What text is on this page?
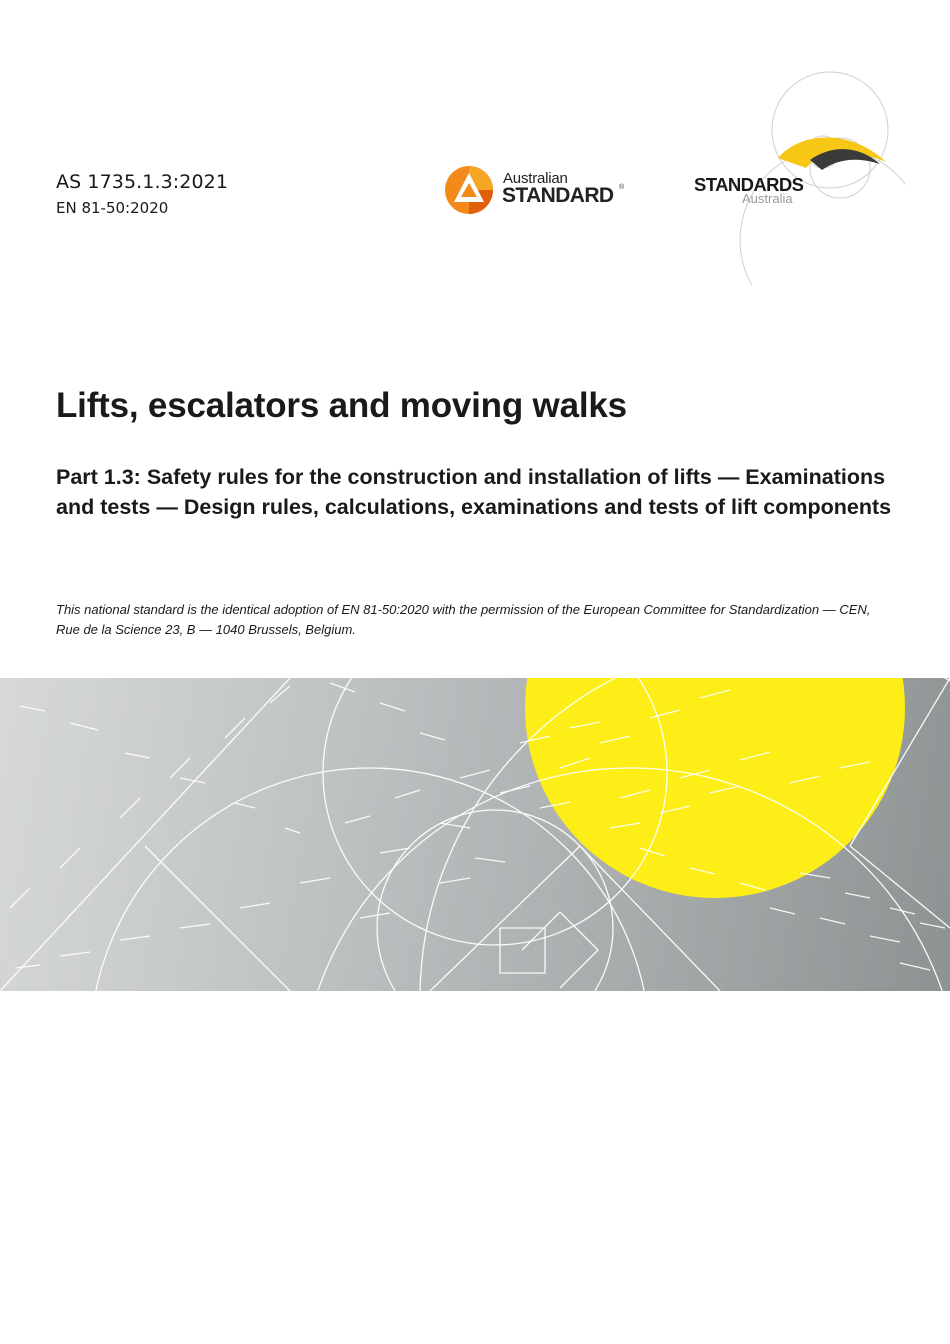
AS 1735.1.3:2021
EN 81-50:2020
Australian
STANDARD ®	STANDARDS
Australia
Lifts, escalators and moving walks
Part 1.3: Safety rules for the construction and installation of lifts — Examinations and tests — Design rules, calculations, examinations and tests of lift components

This national standard is the identical adoption of EN 81-50:2020 with the permission of the European Committee for Standardization — CEN, Rue de la Science 23, B — 1040 Brussels, Belgium.
